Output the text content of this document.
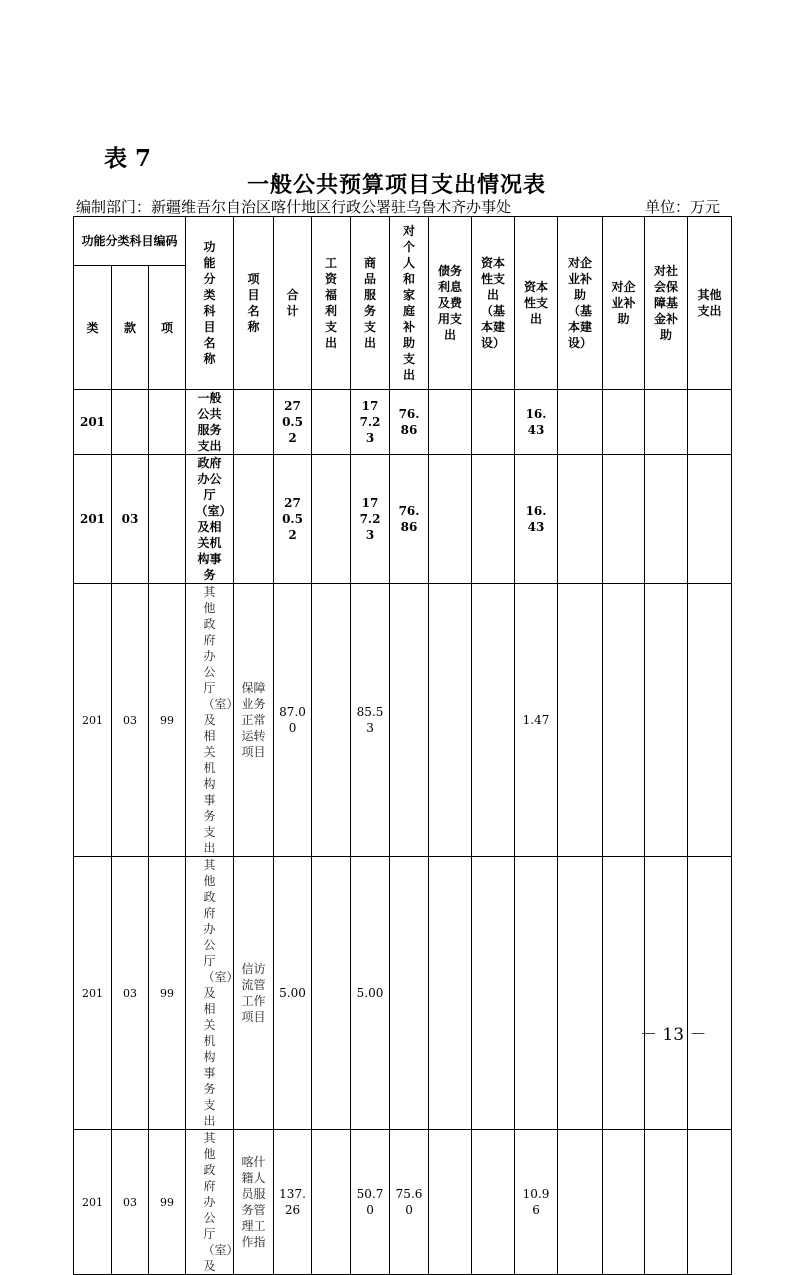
表 7
一般公共预算项目支出情况表
编制部门：新疆维吾尔自治区喀什地区行政公署驻乌鲁木齐办事处	单位：万元
功能分类科目编码			功能分类科目名称	项目名称	合计	工资福利支出	商品服务支出	对个人和家庭补助支出	债务利息及费用支出	资本性支出（基本建设）	资本性支出	对企业补助（基本建设）	对企业补助	对社会保障基金补助	其他支出

类	款	项													
201			一般公共服务支出		270.52		177.23	76.86			16.43				

201	03		政府办公厅（室）及相关机构事务		270.52		177.23	76.86			16.43				

201	03	99	其他政府办公厅（室）及相关机构事务支出	保障业务正常运转项目	87.00		85.53				1.47				

201	03	99	其他政府办公厅（室）及相关机构事务支出	信访流管工作项目	5.00		5.00								

201	03	99	其他政府办公厅（室）及	喀什籍人员服务管理工作指	137.26		50.70	75.60			10.96				

－ 13 －
